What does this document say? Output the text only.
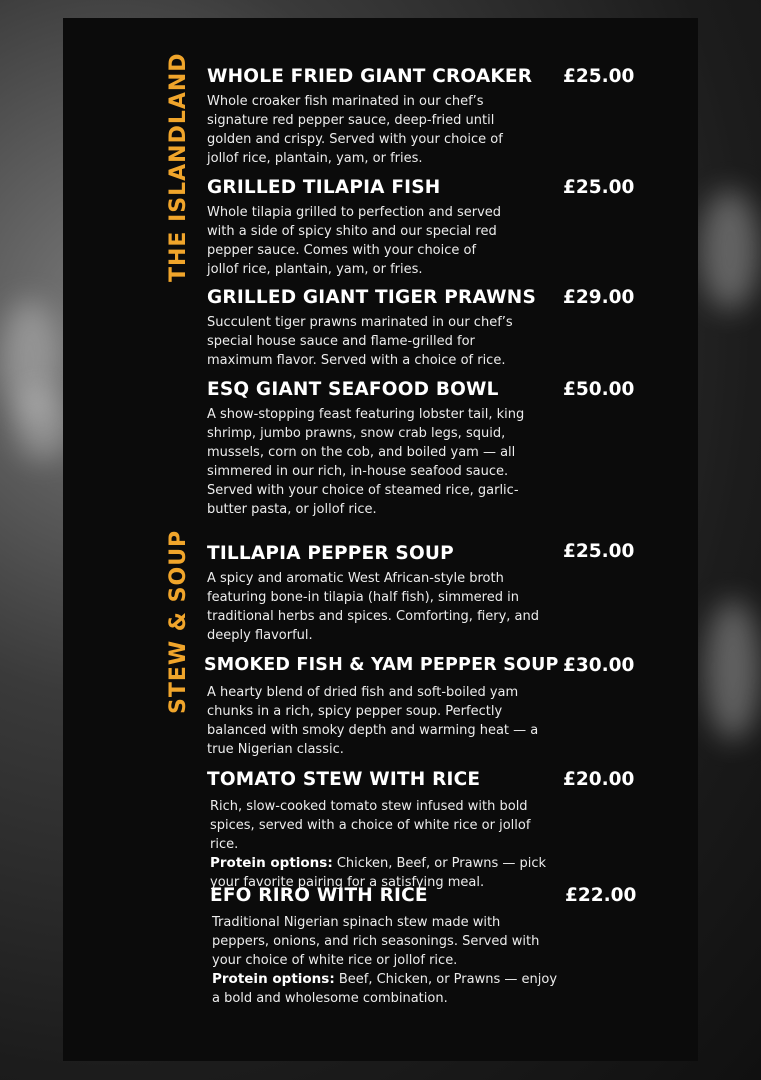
THE ISLANDLAND
STEW & SOUP
WHOLE FRIED GIANT CROAKER £25.00
Whole croaker fish marinated in our chef’s signature red pepper sauce, deep-fried until golden and crispy. Served with your choice of jollof rice, plantain, yam, or fries.
GRILLED TILAPIA FISH	£25.00
Whole tilapia grilled to perfection and served with a side of spicy shito and our special red pepper sauce. Comes with your choice of jollof rice, plantain, yam, or fries.
GRILLED GIANT TIGER PRAWNS £29.00
Succulent tiger prawns marinated in our chef’s special house sauce and flame-grilled for maximum flavor. Served with a choice of rice.
ESQ GIANT SEAFOOD BOWL	£50.00
A show-stopping feast featuring lobster tail, king shrimp, jumbo prawns, snow crab legs, squid, mussels, corn on the cob, and boiled yam — all simmered in our rich, in-house seafood sauce. Served with your choice of steamed rice, garlic-butter pasta, or jollof rice.
TILLAPIA PEPPER SOUP	£25.00
A spicy and aromatic West African-style broth featuring bone-in tilapia (half fish), simmered in traditional herbs and spices. Comforting, fiery, and deeply flavorful.
SMOKED FISH & YAM PEPPER SOUP £30.00
A hearty blend of dried fish and soft-boiled yam chunks in a rich, spicy pepper soup. Perfectly balanced with smoky depth and warming heat — a true Nigerian classic.
TOMATO STEW WITH RICE	£20.00

Rich, slow-cooked tomato stew infused with bold spices, served with a choice of white rice or jollof rice.

Protein options: Chicken, Beef, or Prawns — pick your favorite pairing for a satisfying meal.

EFO RIRO WITH RICE	£22.00

Traditional Nigerian spinach stew made with peppers, onions, and rich seasonings. Served with your choice of white rice or jollof rice.

Protein options: Beef, Chicken, or Prawns — enjoy a bold and wholesome combination.
